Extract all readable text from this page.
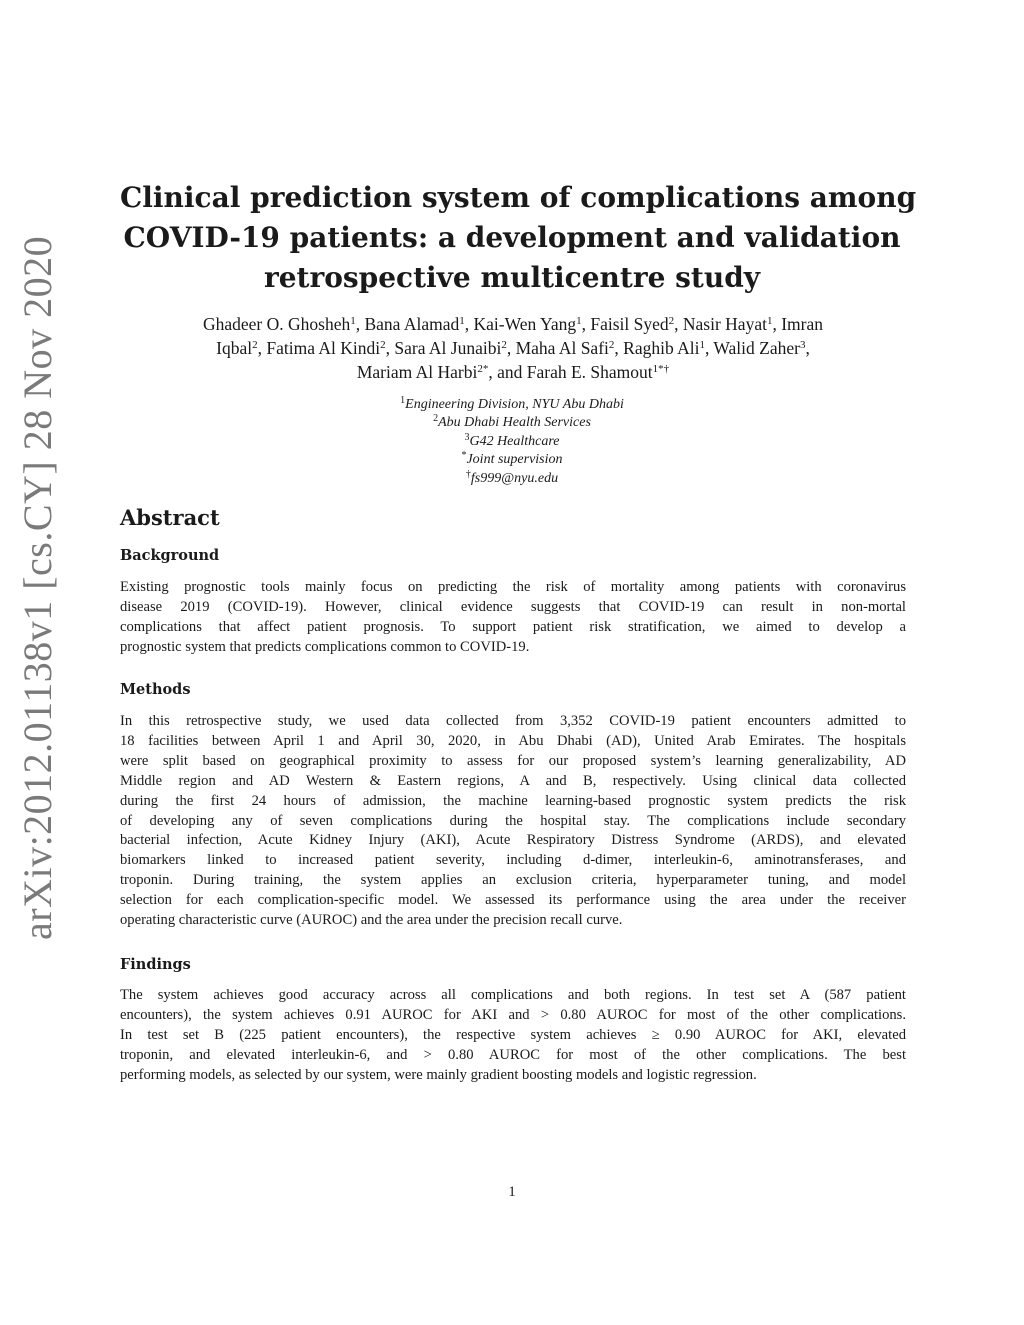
arXiv:2012.01138v1 [cs.CY] 28 Nov 2020
Clinical prediction system of complications among
COVID-19 patients: a development and validation
retrospective multicentre study
Ghadeer O. Ghosheh$^1$, Bana Alamad$^1$, Kai-Wen Yang$^1$, Faisil Syed$^2$, Nasir Hayat$^1$, Imran
Iqbal$^2$, Fatima Al Kindi$^2$, Sara Al Junaibi$^2$, Maha Al Safi$^2$, Raghib Ali$^1$, Walid Zaher$^3$,
Mariam Al Harbi$^{2*}$, and Farah E. Shamout$^{1*\dagger}$
$^1$Engineering Division, NYU Abu Dhabi
$^2$Abu Dhabi Health Services
$^3$G42 Healthcare
*Joint supervision
†fs999@nyu.edu
Abstract
Background
Existing prognostic tools mainly focus on predicting the risk of mortality among patients with coronavirus
disease 2019 (COVID-19). However, clinical evidence suggests that COVID-19 can result in non-mortal
complications that affect patient prognosis. To support patient risk stratification, we aimed to develop a
prognostic system that predicts complications common to COVID-19.
Methods
In this retrospective study, we used data collected from 3,352 COVID-19 patient encounters admitted to
18 facilities between April 1 and April 30, 2020, in Abu Dhabi (AD), United Arab Emirates. The hospitals
were split based on geographical proximity to assess for our proposed system’s learning generalizability, AD
Middle region and AD Western & Eastern regions, A and B, respectively. Using clinical data collected
during the first 24 hours of admission, the machine learning-based prognostic system predicts the risk
of developing any of seven complications during the hospital stay. The complications include secondary
bacterial infection, Acute Kidney Injury (AKI), Acute Respiratory Distress Syndrome (ARDS), and elevated
biomarkers linked to increased patient severity, including d-dimer, interleukin-6, aminotransferases, and
troponin. During training, the system applies an exclusion criteria, hyperparameter tuning, and model
selection for each complication-specific model. We assessed its performance using the area under the receiver
operating characteristic curve (AUROC) and the area under the precision recall curve.
Findings
The system achieves good accuracy across all complications and both regions. In test set A (587 patient
encounters), the system achieves 0.91 AUROC for AKI and > 0.80 AUROC for most of the other complications.
In test set B (225 patient encounters), the respective system achieves ≥ 0.90 AUROC for AKI, elevated
troponin, and elevated interleukin-6, and > 0.80 AUROC for most of the other complications. The best
performing models, as selected by our system, were mainly gradient boosting models and logistic regression.
1
